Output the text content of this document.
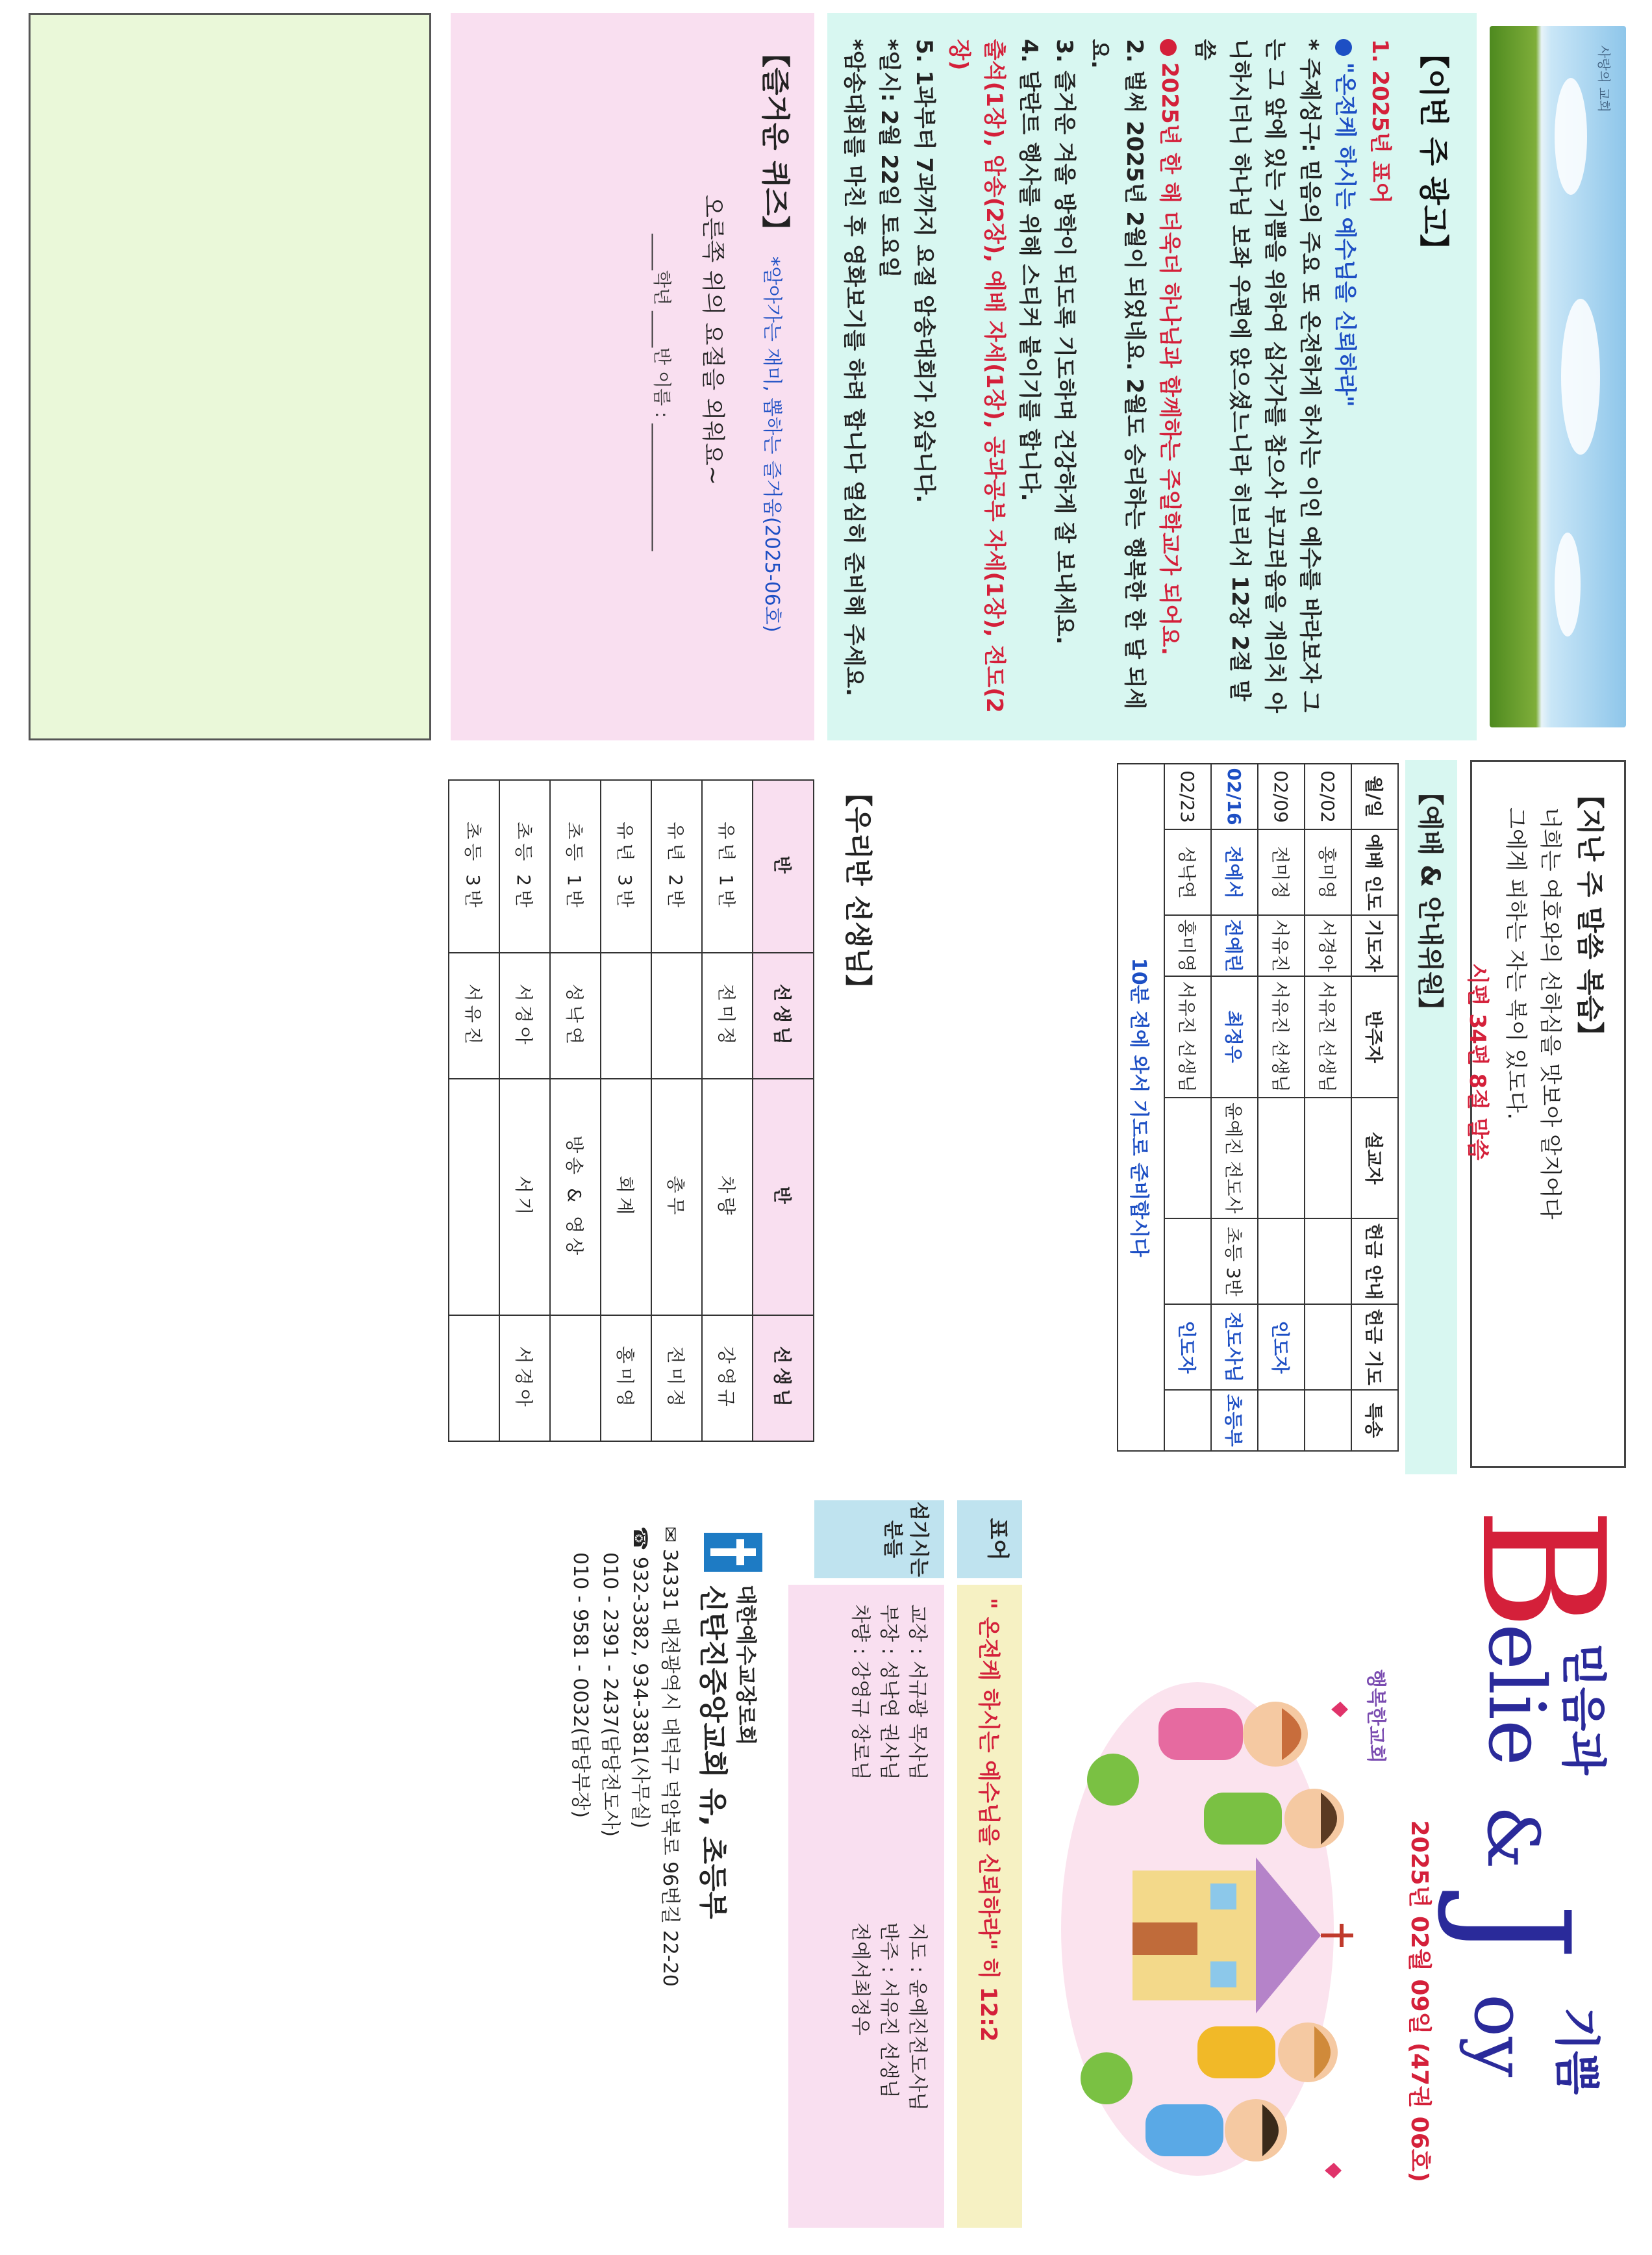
사랑의 교회
【이번 주 광고】

1. 2025년 표어

"온전케 하시는 예수님을 신뢰하라"

* 주제성구: 믿음의 주요 또 온전하게 하시는 이인 예수를 바라보자 그는 그 앞에 있는 기쁨을 위하여 십자가를 참으사 부끄러움을 개의치 아니하시더니 하나님 보좌 우편에 앉으셨느니라 히브리서 12장 2절 말씀

2025년 한 해 더욱더 하나님과 함께하는 주일학교가 되어요.

2. 벌써 2025년 2월이 되었네요. 2월도 승리하는 행복한 한 달 되세요.

3. 즐거운 겨울 방학이 되도록 기도하며 건강하게 잘 보내세요.

4. 달란트 행사를 위해 스티커 붙이기를 합니다.

출석(1장), 암송(2장), 예배 자세(1장), 공과공부 자세(1장), 전도(2장)

5. 1과부터 7과까지 요절 암송대회가 있습니다.

*일시: 2월 22일 토요일

*암송대회를 마친 후 영화보기를 하려 합니다 열심히 준비해 주세요.

【즐거운 퀴즈】 *알아가는 재미, 뽑하는 즐거움(2025-06호)
오른쪽 위의 요절을 외워요~
____학년 ____반 이름 : ______________
【지난 주 말씀 복습】
너희는 여호와의 선하심을 맛보아 알지어다
그에게 피하는 자는 복이 있도다.
시편 34편 8절 말씀
【예배 & 안내위원】
월/일	예배 인도	기도자	반주자	설교자	헌금 안내	헌금 기도	특송
02/02	홍미영	서경아	서유진 선생님				
02/09	전미정	서유진	서유진 선생님			인도자	
02/16	전예서	전예린	최정우	윤예진 전도사	초등 3반	전도사님	초등부
02/23	성낙연	홍미영	서유진 선생님			인도자	
10분 전에 와서 기도로 준비합시다							
【우리반 선생님】
반	선생님	반	선생님
유년 1반	전미정	차량	강영규
유년 2반		총무	전미정
유년 3반		회계	홍미영
초등 1반	성낙연	방송 & 영상	
초등 2반	서경아	서기	서경아
초등 3반	서유진		
B
믿음과
elie
&
J
기쁨
oy
2025년 02월 09일 (47권 06호)
행복한교회
표어
" 온전케 하시는 예수님을 신뢰하라" 히 12:2
섬기시는분들
교장 : 서규광 목사님
부장 : 성낙연 권사님
차량 : 강영규 장로님
지도 : 윤예진전도사님
반주 : 서유진 선생님
전예서최정우
대한예수교장로회
신탄진중앙교회 유, 초등부
✉ 34331 대전광역시 대덕구 덕암북로 96번길 22-20
☎ 932-3382, 934-3381(사무실)
010 - 2391 - 2437(담당전도사)
010 - 9581 - 0032(담당부장)
